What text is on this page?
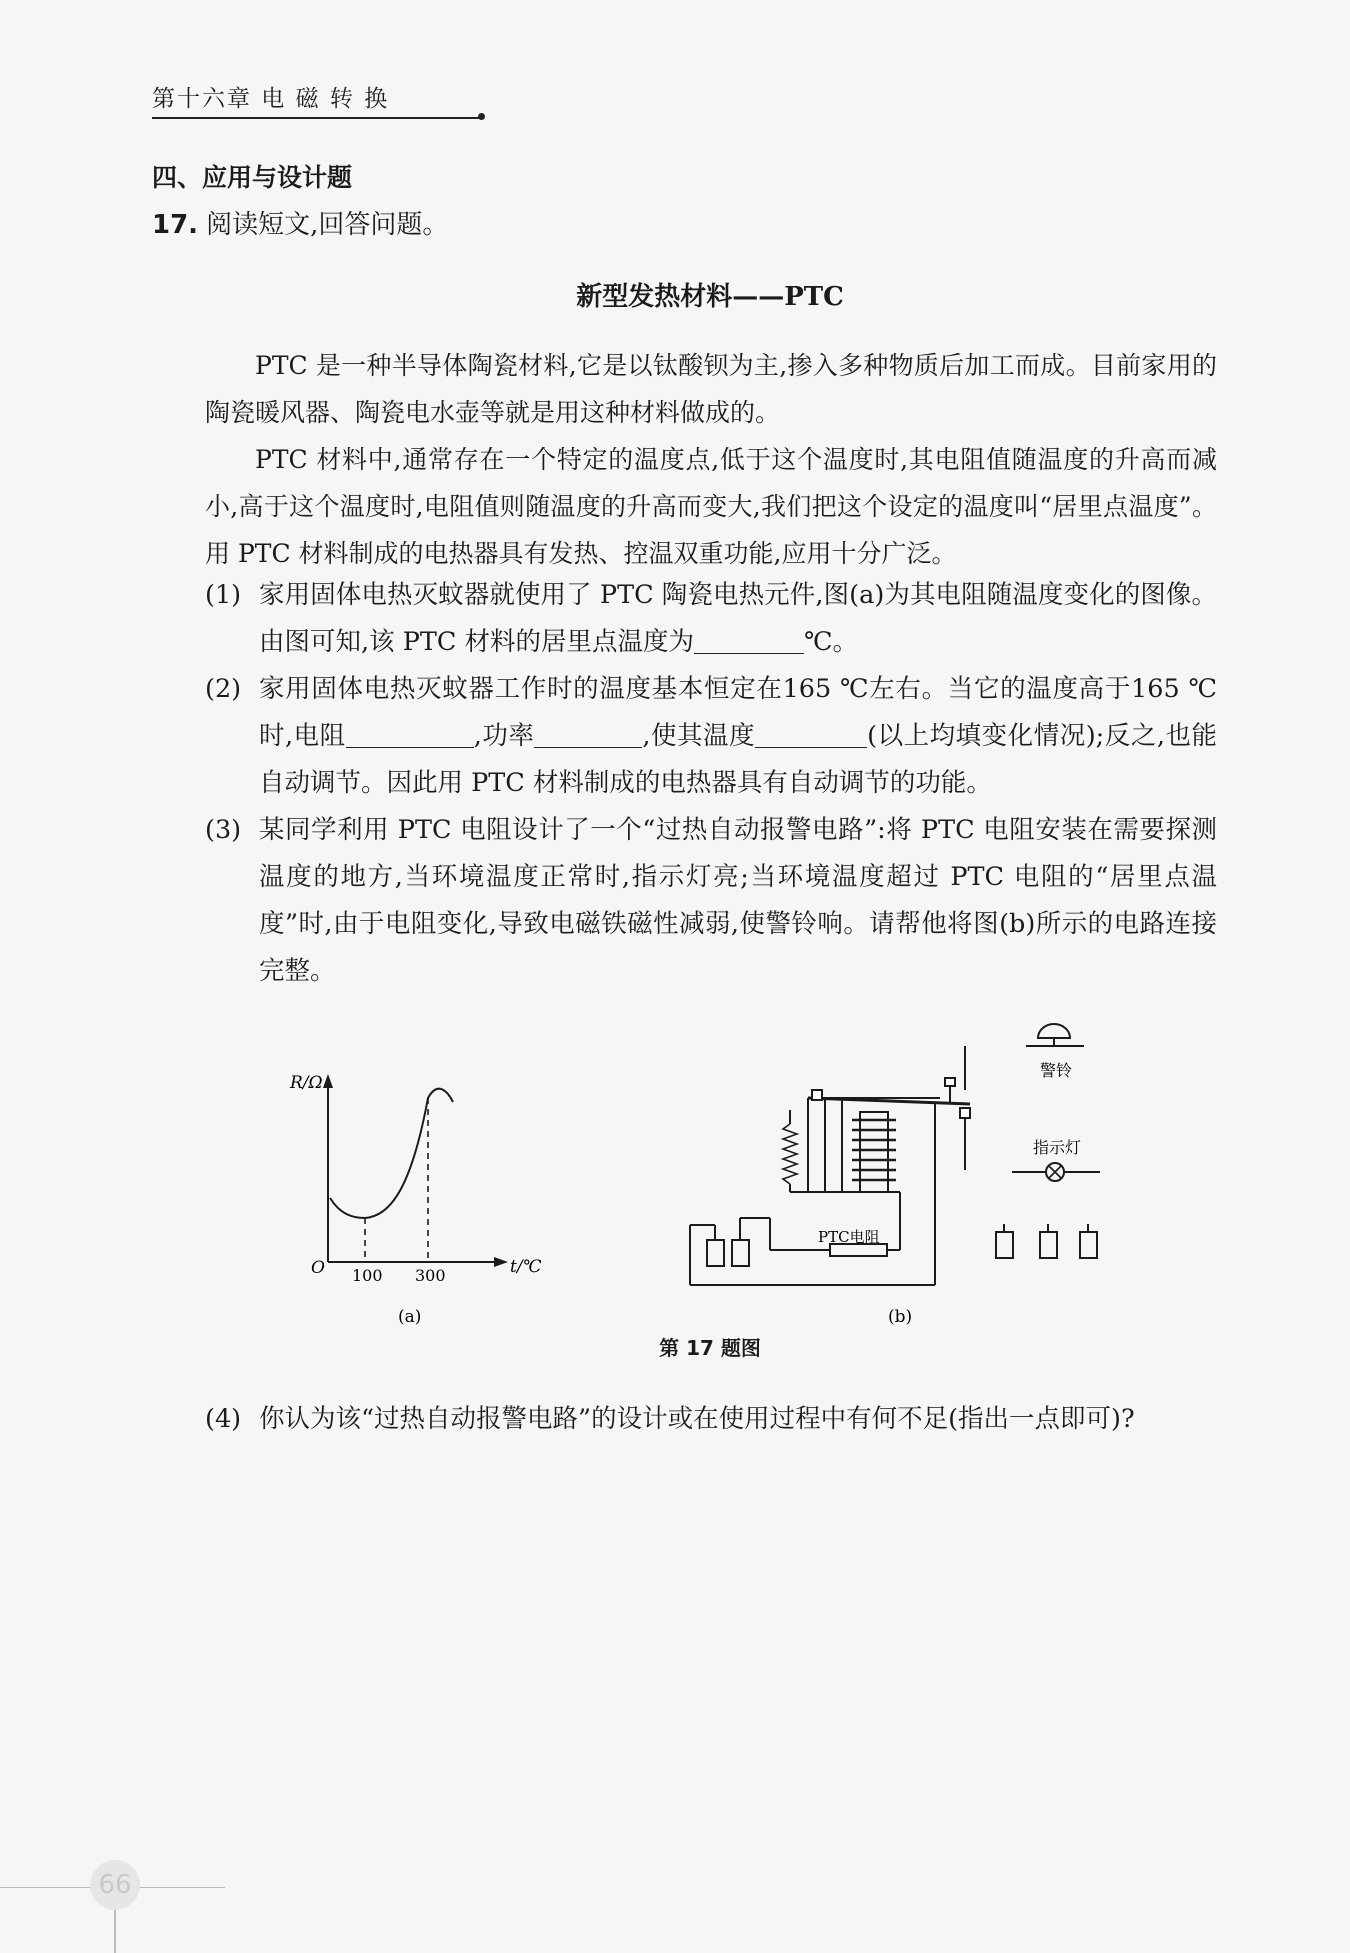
第十六章 电 磁 转 换
四、应用与设计题
17. 阅读短文,回答问题。
新型发热材料——PTC

PTC 是一种半导体陶瓷材料,它是以钛酸钡为主,掺入多种物质后加工而成。目前家用的陶瓷暖风器、陶瓷电水壶等就是用这种材料做成的。

PTC 材料中,通常存在一个特定的温度点,低于这个温度时,其电阻值随温度的升高而减小,高于这个温度时,电阻值则随温度的升高而变大,我们把这个设定的温度叫“居里点温度”。用 PTC 材料制成的电热器具有发热、控温双重功能,应用十分广泛。

(1) 家用固体电热灭蚊器就使用了 PTC 陶瓷电热元件,图(a)为其电阻随温度变化的图像。由图可知,该 PTC 材料的居里点温度为	℃。
(2) 家用固体电热灭蚊器工作时的温度基本恒定在165 ℃左右。当它的温度高于165 ℃时,电阻	,功率	,使其温度	(以上均填变化情况);反之,也能自动调节。因此用 PTC 材料制成的电热器具有自动调节的功能。
(3) 某同学利用 PTC 电阻设计了一个“过热自动报警电路”:将 PTC 电阻安装在需要探测温度的地方,当环境温度正常时,指示灯亮;当环境温度超过 PTC 电阻的“居里点温度”时,由于电阻变化,导致电磁铁磁性减弱,使警铃响。请帮他将图(b)所示的电路连接完整。
R/Ω
t/℃
O 100 300
(a)
PTC电阻
警铃
指示灯
(b)
第 17 题图
(4) 你认为该“过热自动报警电路”的设计或在使用过程中有何不足(指出一点即可)?
66
